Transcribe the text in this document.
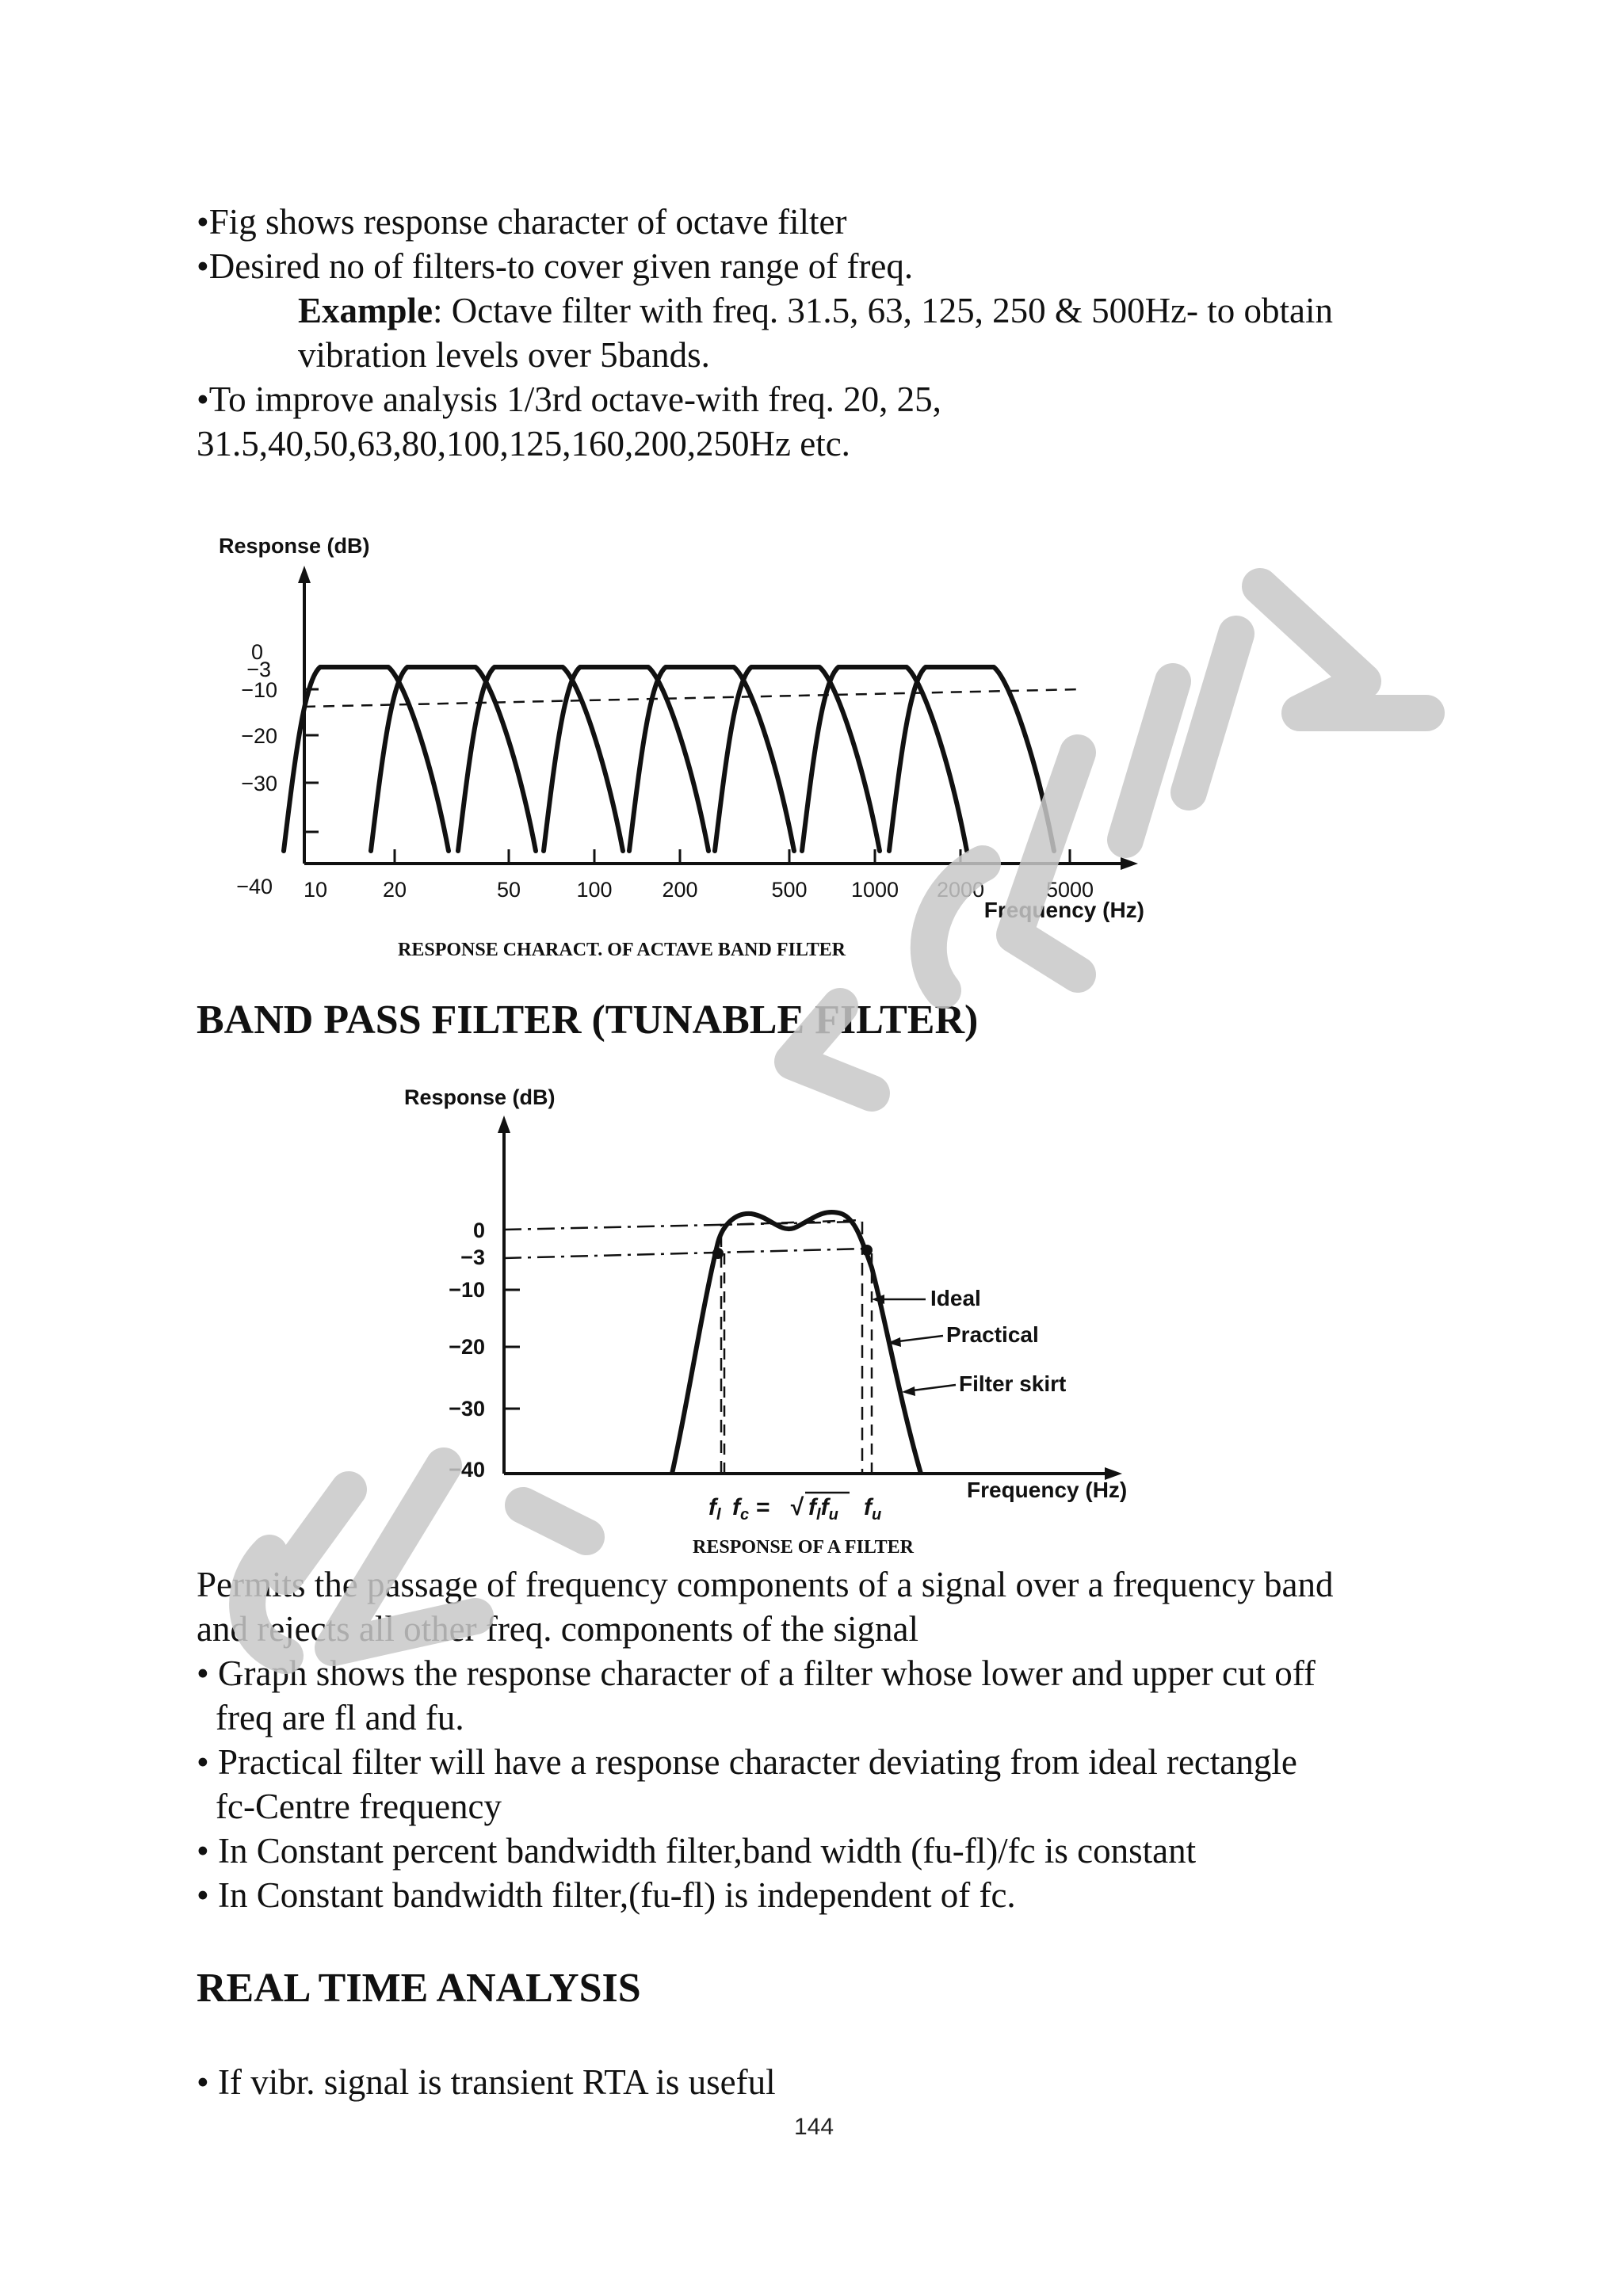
•Fig shows response character of octave filter

•Desired no of filters-to cover given range of freq.

Example: Octave filter with freq. 31.5, 63, 125, 250 & 500Hz- to obtain

vibration levels over 5bands.

•To improve analysis 1/3rd octave-with freq. 20, 25,

31.5,40,50,63,80,100,125,160,200,250Hz etc.

Response (dB)
−10
−20
−30
0
−3
−40 10	20	50	100 200	500 1000 2000	5000
Frequency (Hz)

RESPONSE CHARACT. OF ACTAVE BAND FILTER

BAND PASS FILTER (TUNABLE FILTER)
Response (dB)
0
−3
−10
−20
−30
−40
Ideal
Practical
Filter skirt
$f_l$ $f_c$ = √ $f_lf_u$ $f_u$
Frequency (Hz)

RESPONSE OF A FILTER

Permits the passage of frequency components of a signal over a frequency band

and rejects all other freq. components of the signal

• Graph shows the response character of a filter whose lower and upper cut off

freq are fl and fu.

• Practical filter will have a response character deviating from ideal rectangle

fc-Centre frequency

• In Constant percent bandwidth filter,band width (fu-fl)/fc is constant

• In Constant bandwidth filter,(fu-fl) is independent of fc.

REAL TIME ANALYSIS

• If vibr. signal is transient RTA is useful

144
